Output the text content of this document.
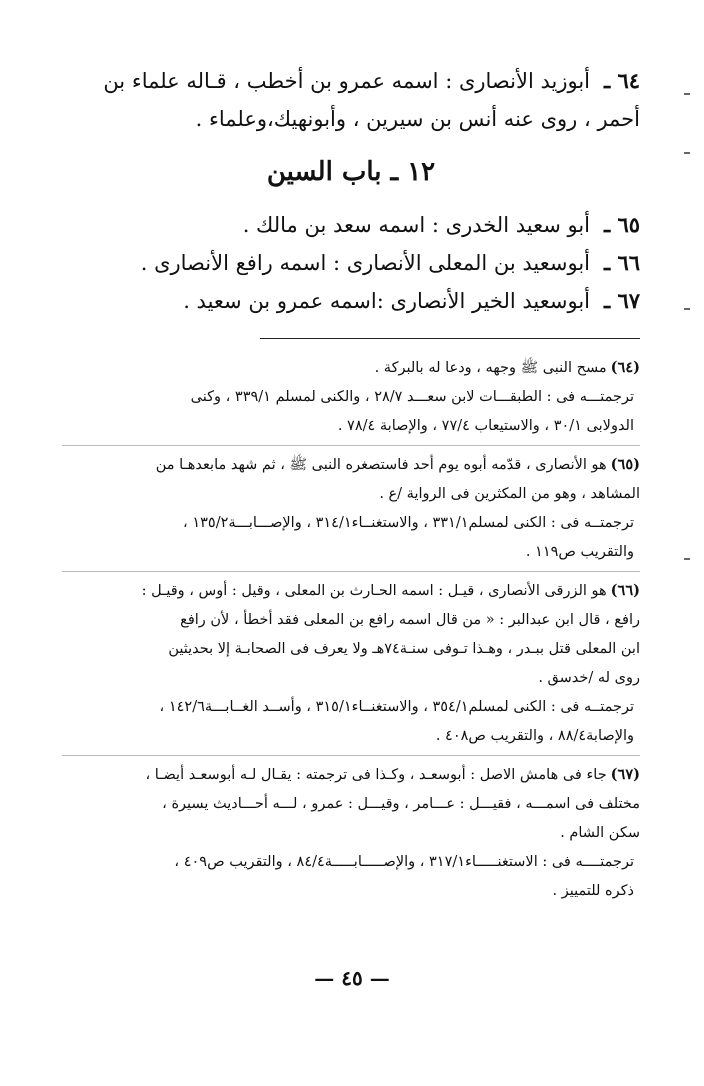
٦٤ ـ
أبوزيد الأنصارى : اسمه عمرو بن أخطب ، قـاله علماء بن
أحمر ، روى عنه أنس بن سيرين ، وأبونهيك،وعلماء .
١٢ ـ باب السين
٦٥ ـ
أبو سعيد الخدرى : اسمه سعد بن مالك .
٦٦ ـ
أبوسعيد بن المعلى الأنصارى : اسمه رافع الأنصارى .
٦٧ ـ
أبوسعيد الخير الأنصارى :اسمه عمرو بن سعيد .

(٦٤)مسح النبى ﷺ وجهه ، ودعا له بالبركة .

ترجمتـــه فى : الطبقـــات لابن سعـــد ٢٨/٧ ، والكنى لمسلم ٣٣٩/١ ، وكنى

الدولابى ٣٠/١ ، والاستيعاب ٧٧/٤ ، والإصابة ٧٨/٤ .

(٦٥)هو الأنصارى ، قدّمه أبوه يوم أحد فاستصغره النبى ﷺ ، ثم شهد مابعدهـا من

المشاهد ، وهو من المكثرين فى الرواية /ع .

ترجمتــه فى : الكنى لمسلم٣٣١/١ ، والاستغنــاء٣١٤/١ ، والإصـــابـــة١٣٥/٢ ،

والتقريب ص١١٩ .

(٦٦)هو الزرقى الأنصارى ، قيـل : اسمه الحـارث بن المعلى ، وقيل : أوس ، وقيـل :

رافع ، قال ابن عبدالبر : « من قال اسمه رافع بن المعلى فقد أخطأ ، لأن رافع

ابن المعلى قتل ببـدر ، وهـذا تـوفى سنـة٧٤هـ ولا يعرف فى الصحابـة إلا بحديثين

روى له /خدسق .

ترجمتــه فى : الكنى لمسلم٣٥٤/١ ، والاستغنــاء٣١٥/١ ، وأســد الغــابـــة١٤٢/٦ ،

والإصابة٨٨/٤ ، والتقريب ص٤٠٨ .

(٦٧)جاء فى هامش الاصل : أبوسعـد ، وكـذا فى ترجمته : يقـال لـه أبوسعـد أيضـا ،

مختلف فى اسمـــه ، فقيـــل : عـــامر ، وقيـــل : عمرو ، لـــه أحـــاديث يسيرة ،

سكن الشام .

ترجمتــــه فى : الاستغنـــــاء٣١٧/١ ، والإصـــــابـــــة٨٤/٤ ، والتقريب ص٤٠٩ ،

ذكره للتمييز .

— ٤٥ —
